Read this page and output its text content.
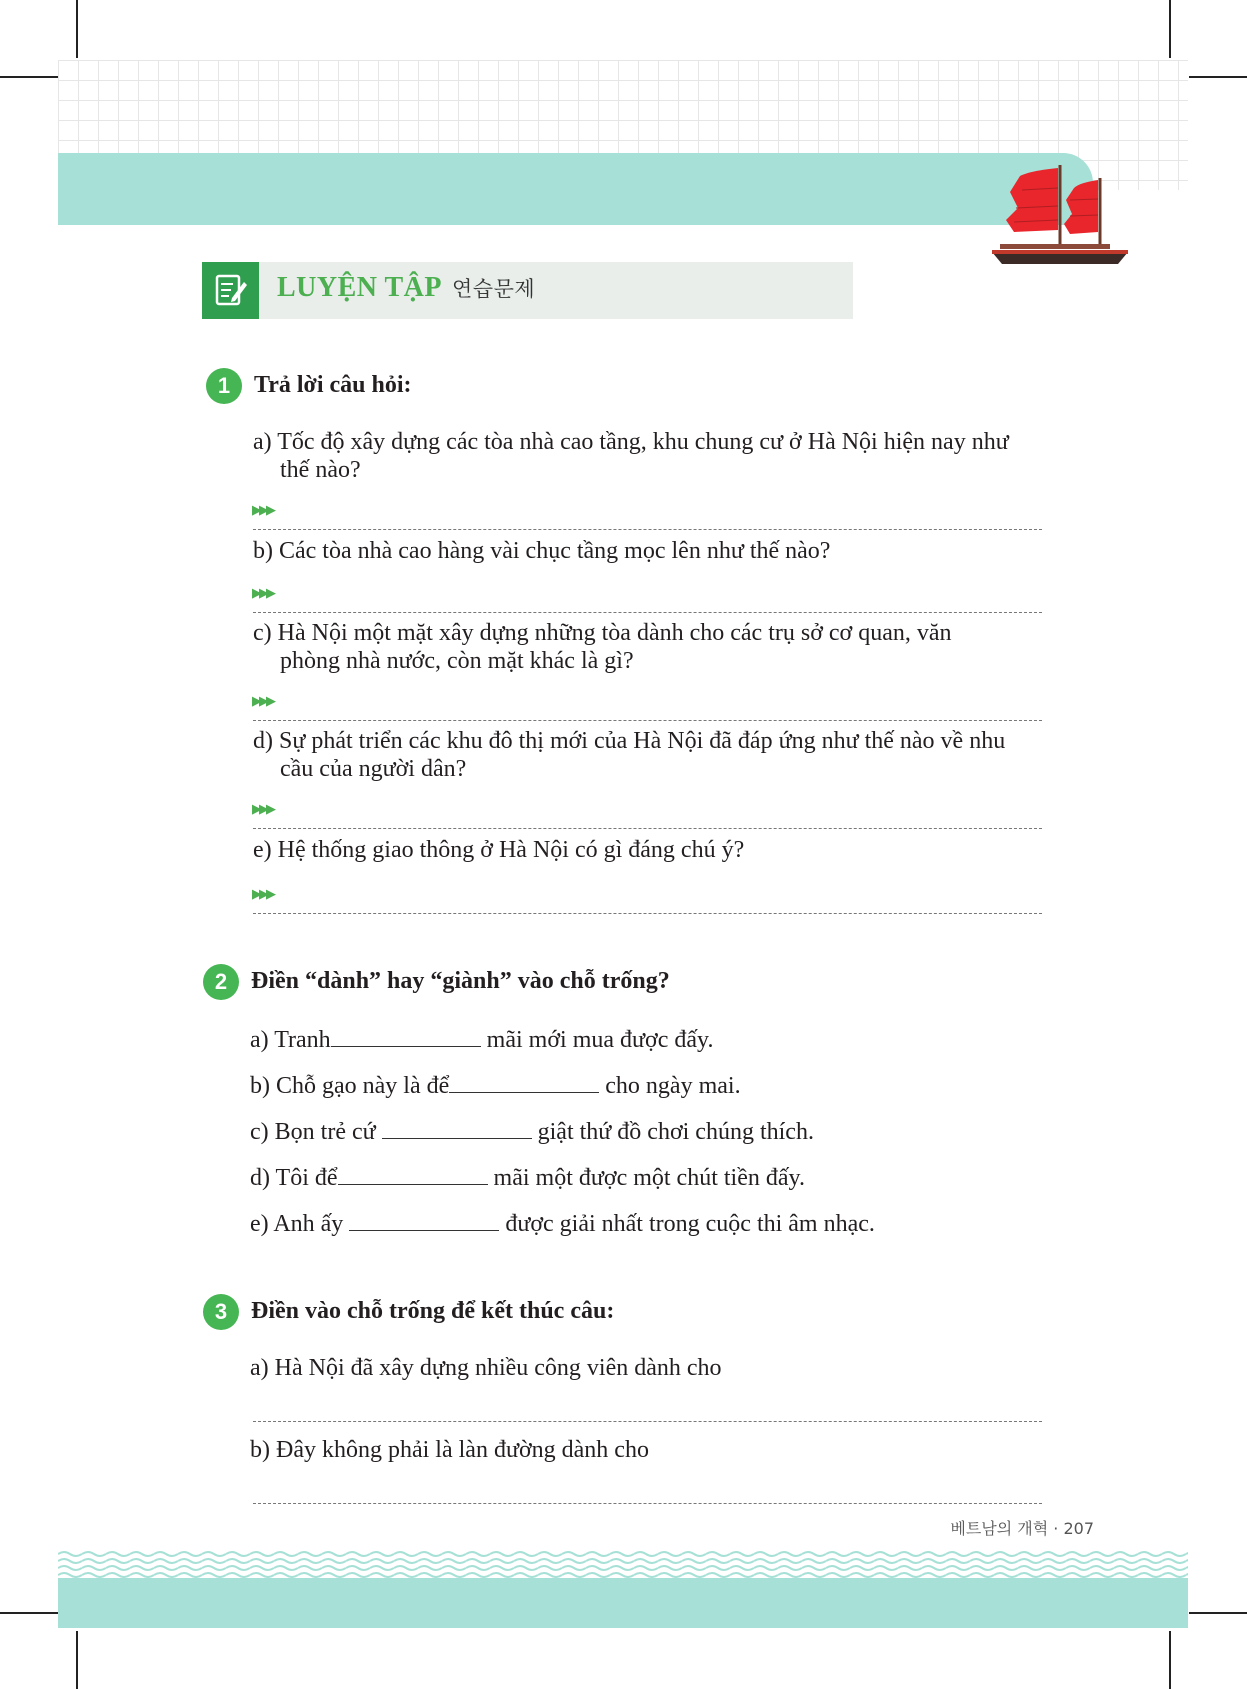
LUYỆN TẬP 연습문제
1 Trả lời câu hỏi:
a) Tốc độ xây dựng các tòa nhà cao tầng, khu chung cư ở Hà Nội hiện nay như
thế nào?
▶▶▶
b) Các tòa nhà cao hàng vài chục tầng mọc lên như thế nào?
▶▶▶
c) Hà Nội một mặt xây dựng những tòa dành cho các trụ sở cơ quan, văn
phòng nhà nước, còn mặt khác là gì?
▶▶▶
d) Sự phát triển các khu đô thị mới của Hà Nội đã đáp ứng như thế nào về nhu
cầu của người dân?
▶▶▶
e) Hệ thống giao thông ở Hà Nội có gì đáng chú ý?
▶▶▶
2 Điền “dành” hay “giành” vào chỗ trống?
a) Tranh	mãi mới mua được đấy.
b) Chỗ gạo này là để	cho ngày mai.
c) Bọn trẻ cứ	giật thứ đồ chơi chúng thích.
d) Tôi để	mãi một được một chút tiền đấy.
e) Anh ấy	được giải nhất trong cuộc thi âm nhạc.
3 Điền vào chỗ trống để kết thúc câu:
a) Hà Nội đã xây dựng nhiều công viên dành cho
b) Đây không phải là làn đường dành cho
베트남의 개혁 · 207
